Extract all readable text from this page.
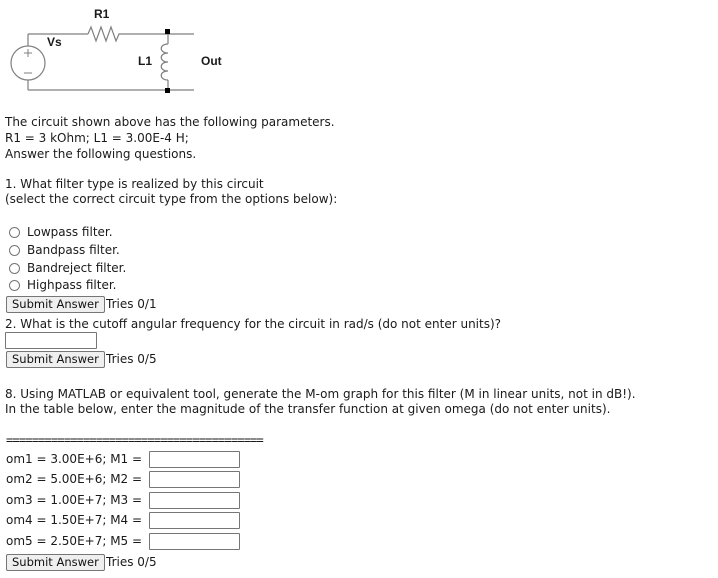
R1
Vs
L1	Out
The circuit shown above has the following parameters.
R1 = 3 kOhm; L1 = 3.00E-4 H;
Answer the following questions.
1. What filter type is realized by this circuit
(select the correct circuit type from the options below):
Lowpass filter.
Bandpass filter.
Bandreject filter.
Highpass filter.
Submit Answer Tries 0/1
2. What is the cutoff angular frequency for the circuit in rad/s (do not enter units)?
Submit Answer Tries 0/5
8. Using MATLAB or equivalent tool, generate the M-om graph for this filter (M in linear units, not in dB!).
In the table below, enter the magnitude of the transfer function at given omega (do not enter units).
========================================
om1 = 3.00E+6; M1 =
om2 = 5.00E+6; M2 =
om3 = 1.00E+7; M3 =
om4 = 1.50E+7; M4 =
om5 = 2.50E+7; M5 =
Submit Answer Tries 0/5
